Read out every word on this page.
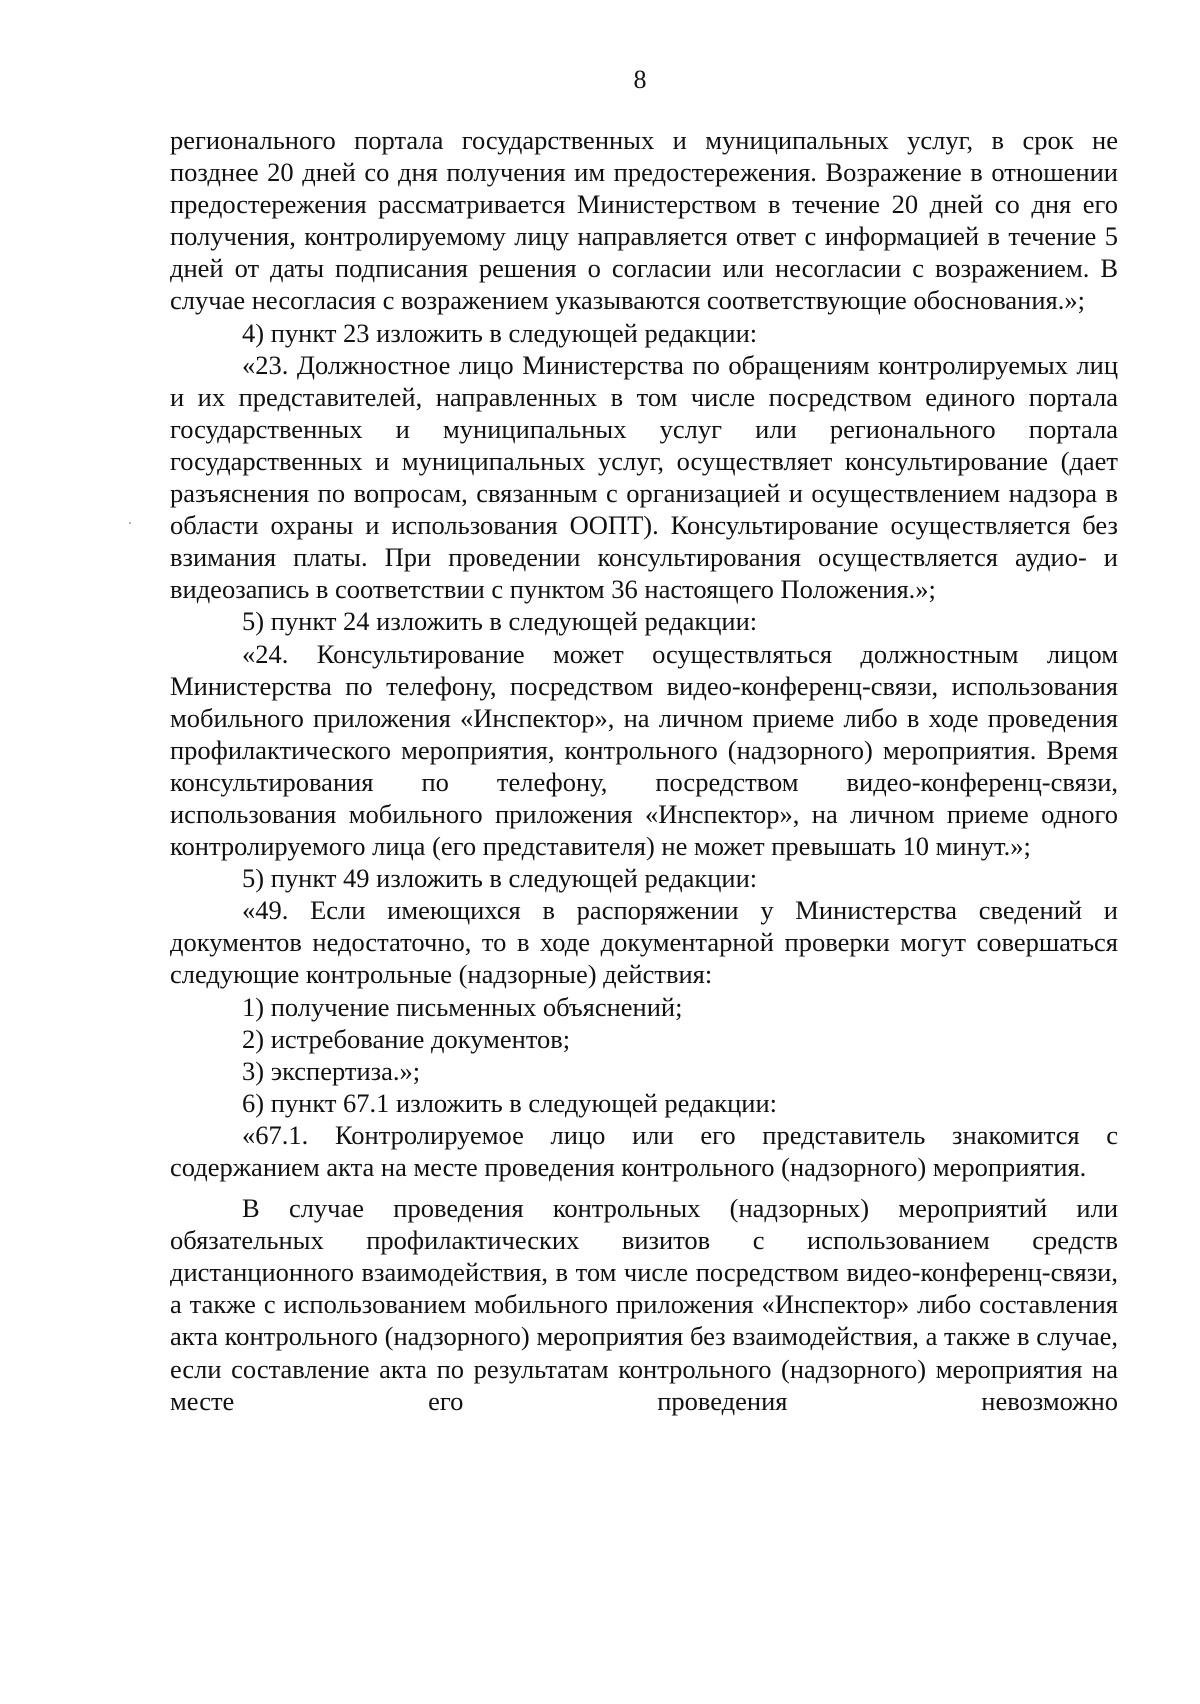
8

регионального портала государственных и муниципальных услуг, в срок не позднее 20 дней со дня получения им предостережения. Возражение в отношении предостережения рассматривается Министерством в течение 20 дней со дня его получения, контролируемому лицу направляется ответ с информацией в течение 5 дней от даты подписания решения о согласии или несогласии с возражением. В случае несогласия с возражением указываются соответствующие обоснования.»;

4) пункт 23 изложить в следующей редакции:

«23. Должностное лицо Министерства по обращениям контролируемых лиц и их представителей, направленных в том числе посредством единого портала государственных и муниципальных услуг или регионального портала государственных и муниципальных услуг, осуществляет консультирование (дает разъяснения по вопросам, связанным с организацией и осуществлением надзора в области охраны и использования ООПТ). Консультирование осуществляется без взимания платы. При проведении консультирования осуществляется аудио- и видеозапись в соответствии с пунктом 36 настоящего Положения.»;

5) пункт 24 изложить в следующей редакции:

«24. Консультирование может осуществляться должностным лицом Министерства по телефону, посредством видео-конференц-связи, использования мобильного приложения «Инспектор», на личном приеме либо в ходе проведения профилактического мероприятия, контрольного (надзорного) мероприятия. Время консультирования по телефону, посредством видео-конференц-связи, использования мобильного приложения «Инспектор», на личном приеме одного контролируемого лица (его представителя) не может превышать 10 минут.»;

5) пункт 49 изложить в следующей редакции:

«49. Если имеющихся в распоряжении у Министерства сведений и документов недостаточно, то в ходе документарной проверки могут совершаться следующие контрольные (надзорные) действия:

1) получение письменных объяснений;

2) истребование документов;

3) экспертиза.»;

6) пункт 67.1 изложить в следующей редакции:

«67.1. Контролируемое лицо или его представитель знакомится с содержанием акта на месте проведения контрольного (надзорного) мероприятия.

В случае проведения контрольных (надзорных) мероприятий или обязательных профилактических визитов с использованием средств дистанционного взаимодействия, в том числе посредством видео-конференц-связи, а также с использованием мобильного приложения «Инспектор» либо составления акта контрольного (надзорного) мероприятия без взаимодействия, а также в случае, если составление акта по результатам контрольного (надзорного) мероприятия на месте его проведения невозможно
